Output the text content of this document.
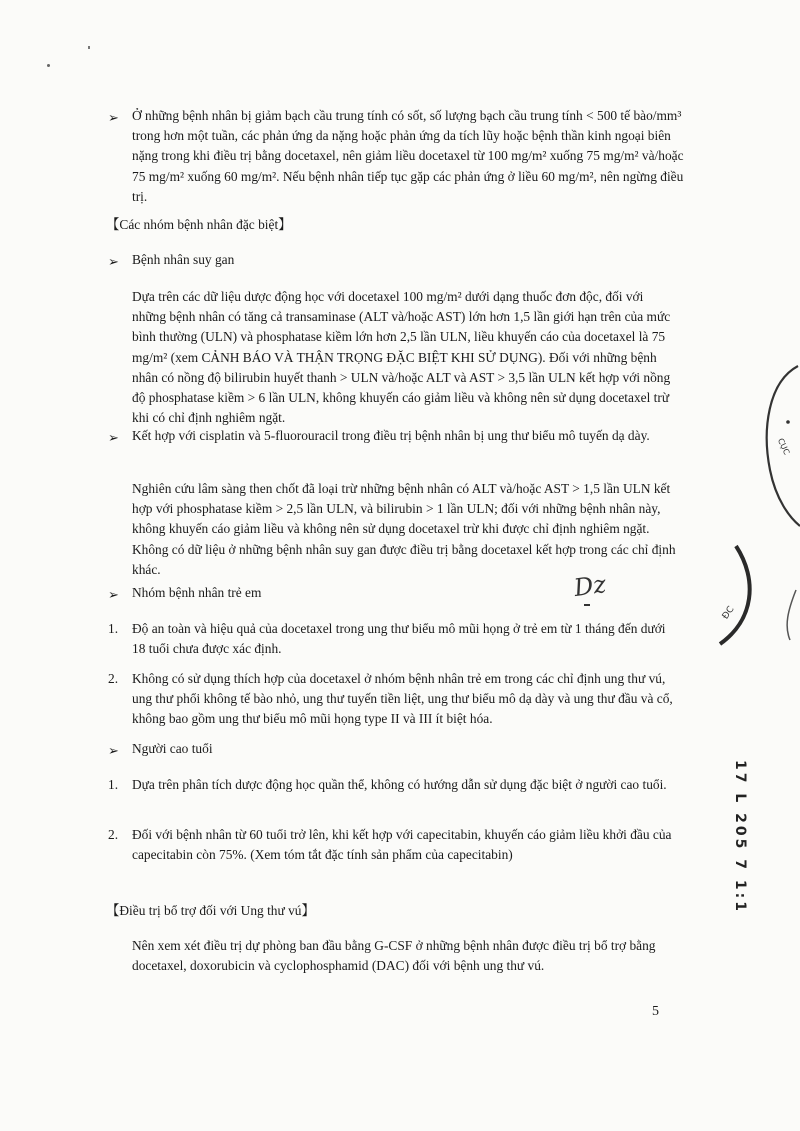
➢ Ở những bệnh nhân bị giảm bạch cầu trung tính có sốt, số lượng bạch cầu trung tính < 500 tế bào/mm³ trong hơn một tuần, các phản ứng da nặng hoặc phản ứng da tích lũy hoặc bệnh thần kinh ngoại biên nặng trong khi điều trị bằng docetaxel, nên giảm liều docetaxel từ 100 mg/m² xuống 75 mg/m² và/hoặc 75 mg/m² xuống 60 mg/m². Nếu bệnh nhân tiếp tục gặp các phản ứng ở liều 60 mg/m², nên ngừng điều trị.
【Các nhóm bệnh nhân đặc biệt】
➢ Bệnh nhân suy gan
Dựa trên các dữ liệu dược động học với docetaxel 100 mg/m² dưới dạng thuốc đơn độc, đối với những bệnh nhân có tăng cả transaminase (ALT và/hoặc AST) lớn hơn 1,5 lần giới hạn trên của mức bình thường (ULN) và phosphatase kiềm lớn hơn 2,5 lần ULN, liều khuyến cáo của docetaxel là 75 mg/m² (xem CẢNH BÁO VÀ THẬN TRỌNG ĐẶC BIỆT KHI SỬ DỤNG). Đối với những bệnh nhân có nồng độ bilirubin huyết thanh > ULN và/hoặc ALT và AST > 3,5 lần ULN kết hợp với nồng độ phosphatase kiềm > 6 lần ULN, không khuyến cáo giảm liều và không nên sử dụng docetaxel trừ khi có chỉ định nghiêm ngặt.
➢ Kết hợp với cisplatin và 5-fluorouracil trong điều trị bệnh nhân bị ung thư biểu mô tuyến dạ dày.
Nghiên cứu lâm sàng then chốt đã loại trừ những bệnh nhân có ALT và/hoặc AST > 1,5 lần ULN kết hợp với phosphatase kiềm > 2,5 lần ULN, và bilirubin > 1 lần ULN; đối với những bệnh nhân này, không khuyến cáo giảm liều và không nên sử dụng docetaxel trừ khi được chỉ định nghiêm ngặt. Không có dữ liệu ở những bệnh nhân suy gan được điều trị bằng docetaxel kết hợp trong các chỉ định khác.
➢ Nhóm bệnh nhân trẻ em	Dz
1. Độ an toàn và hiệu quả của docetaxel trong ung thư biểu mô mũi họng ở trẻ em từ 1 tháng đến dưới 18 tuổi chưa được xác định.
2. Không có sử dụng thích hợp của docetaxel ở nhóm bệnh nhân trẻ em trong các chỉ định ung thư vú, ung thư phổi không tế bào nhỏ, ung thư tuyến tiền liệt, ung thư biểu mô dạ dày và ung thư đầu và cổ, không bao gồm ung thư biểu mô mũi họng type II và III ít biệt hóa.
➢ Người cao tuổi
1. Dựa trên phân tích dược động học quần thể, không có hướng dẫn sử dụng đặc biệt ở người cao tuổi.
2. Đối với bệnh nhân từ 60 tuổi trở lên, khi kết hợp với capecitabin, khuyến cáo giảm liều khởi đầu của capecitabin còn 75%. (Xem tóm tắt đặc tính sản phẩm của capecitabin)
【Điều trị bổ trợ đối với Ung thư vú】
Nên xem xét điều trị dự phòng ban đầu bằng G-CSF ở những bệnh nhân được điều trị bổ trợ bằng docetaxel, doxorubicin và cyclophosphamid (DAC) đối với bệnh ung thư vú.
5
CỤC
ĐC
17 L 205 7 1:1
